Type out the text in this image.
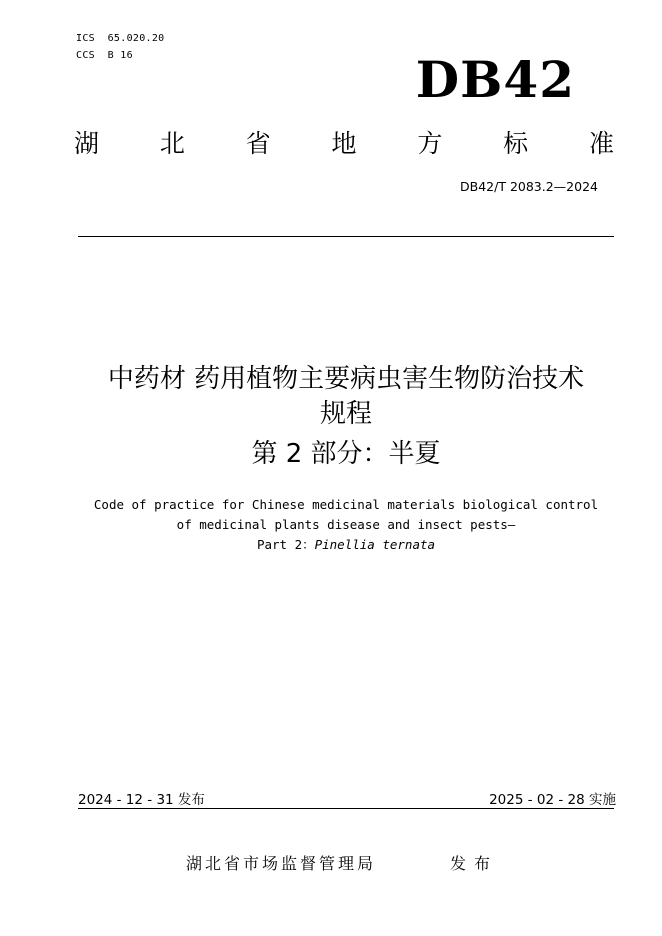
ICS  65.020.20
CCS  B 16	DB42
湖 北 省 地 方 标 准
DB42/T 2083.2—2024
中药材 药用植物主要病虫害生物防治技术
规程
第 2 部分：半夏
Code of practice for Chinese medicinal materials biological control
of medicinal plants disease and insect pests—
Part 2：Pinellia ternata
2024 - 12 - 31 发布	2025 - 02 - 28 实施
湖北省市场监督管理局	发布
